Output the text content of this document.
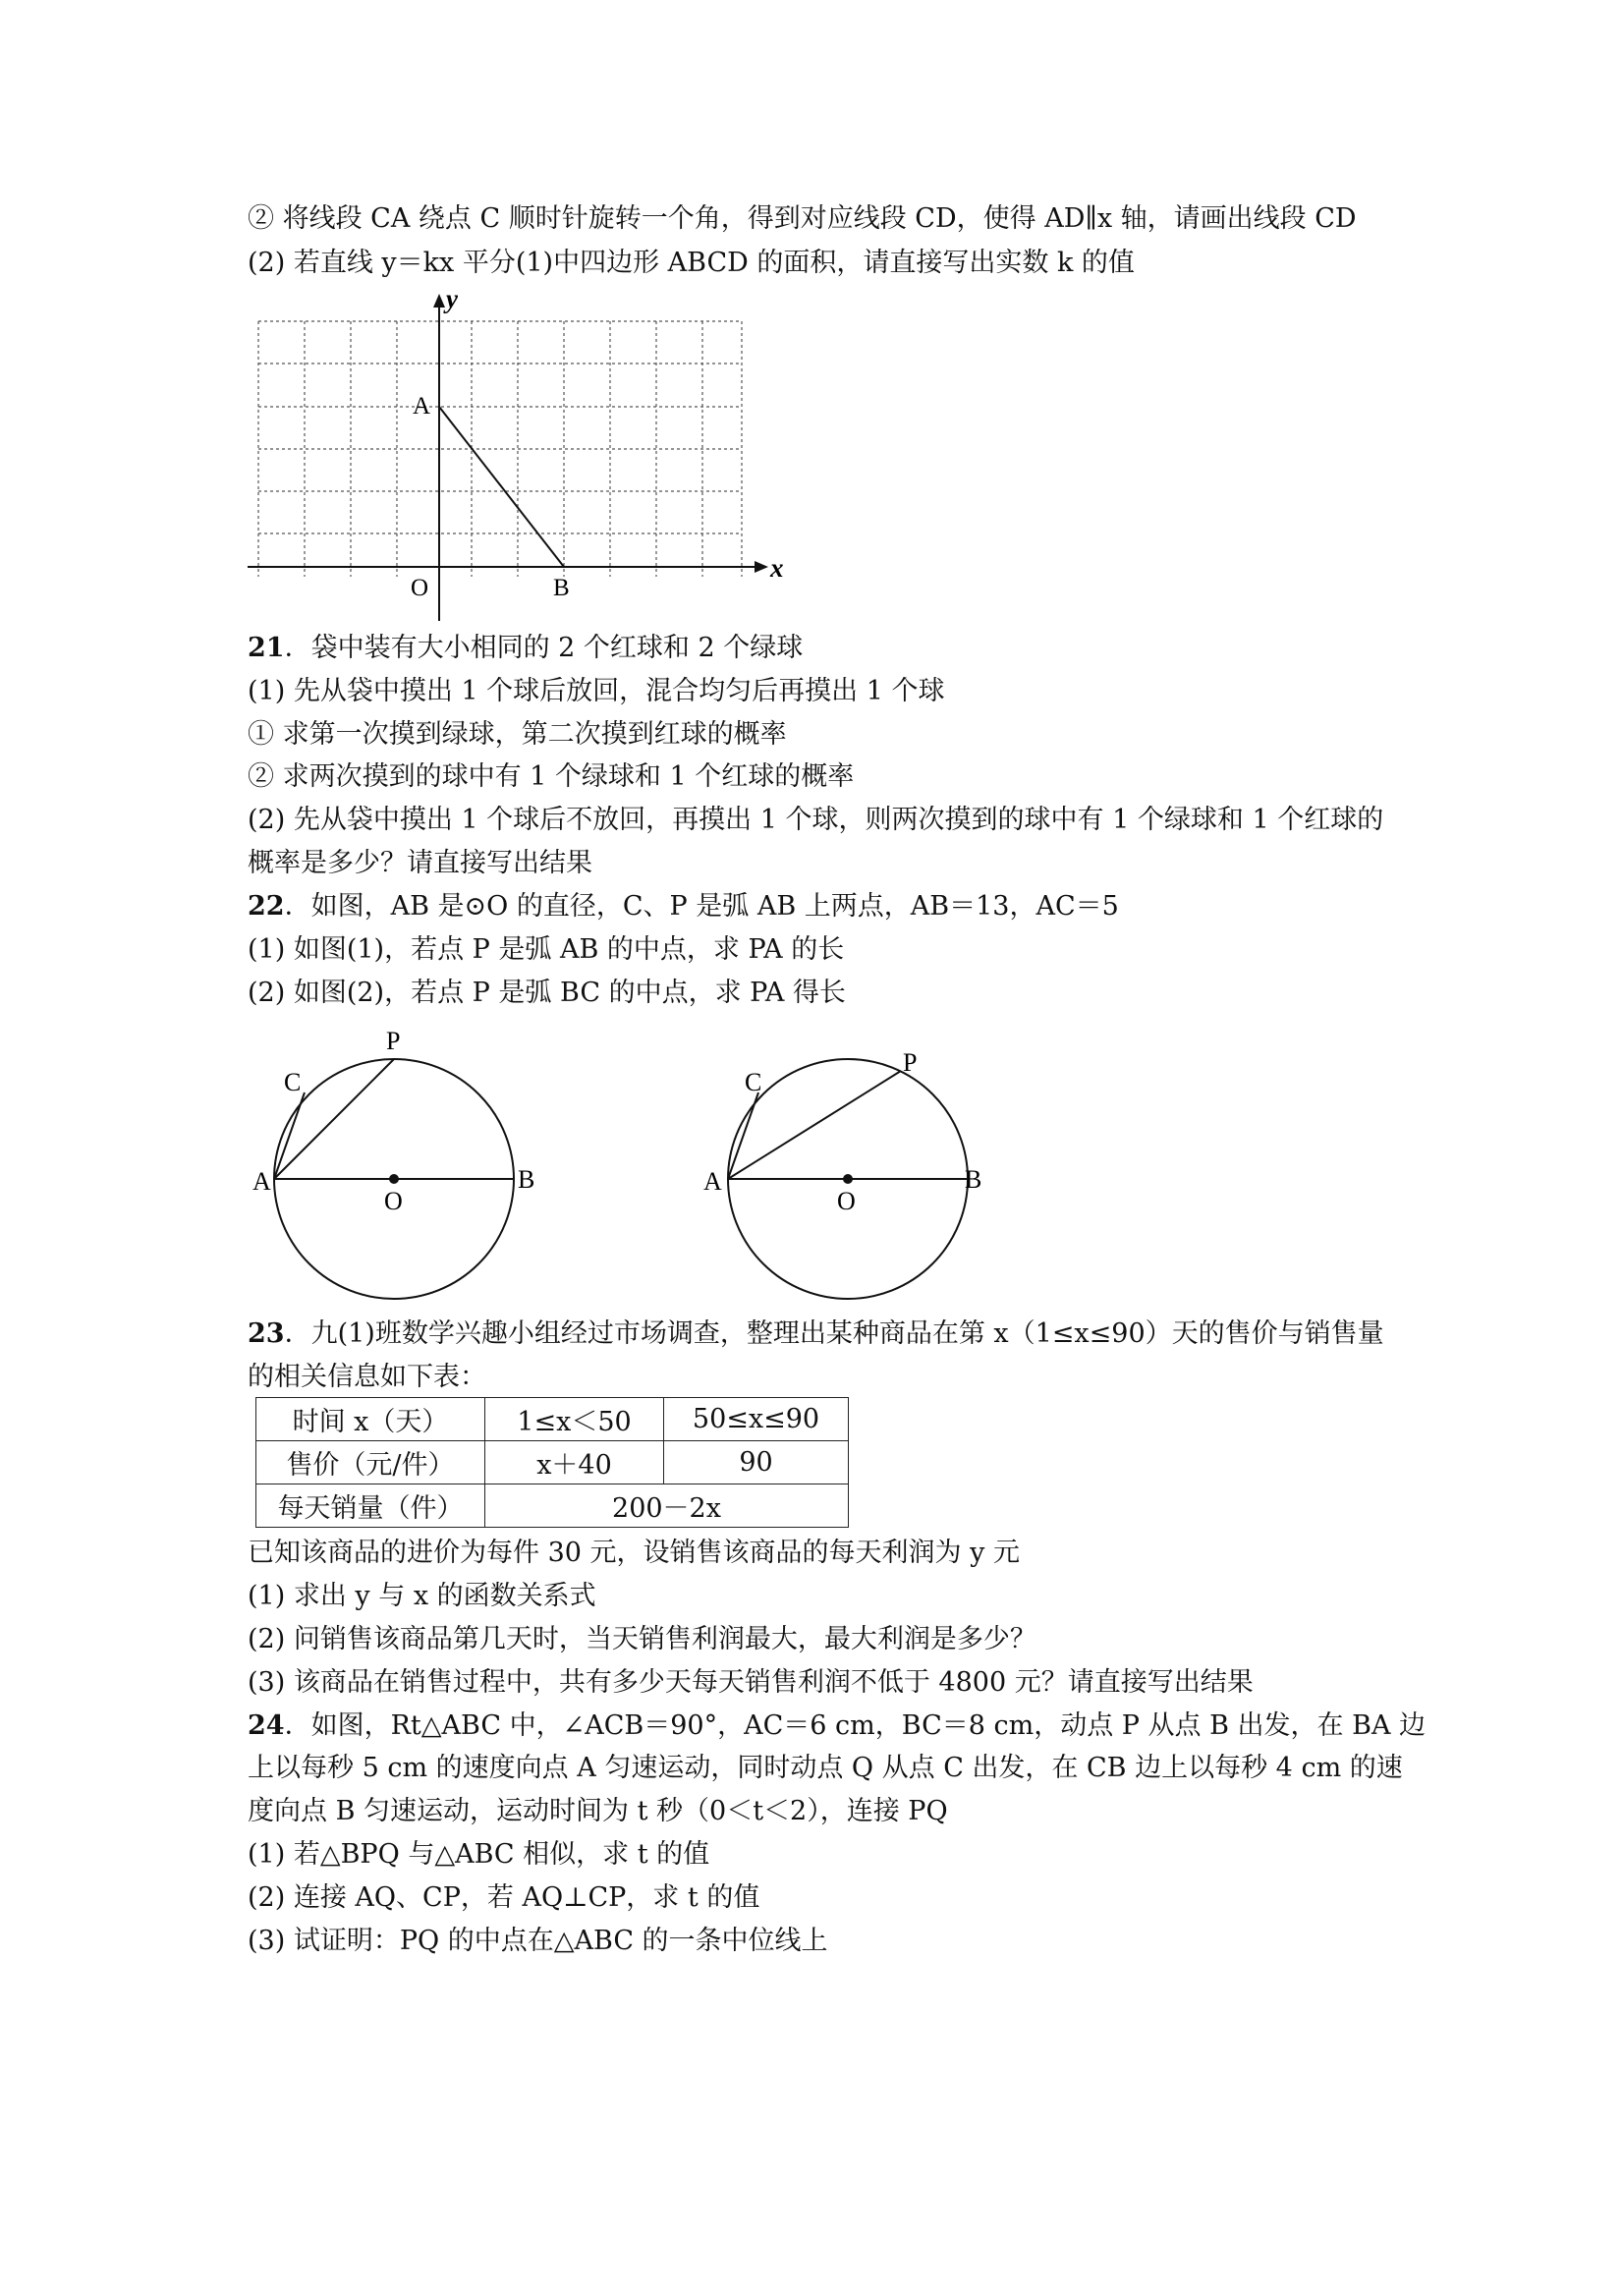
② 将线段 CA 绕点 C 顺时针旋转一个角，得到对应线段 CD，使得 AD∥x 轴，请画出线段 CD
(2) 若直线 y＝kx 平分(1)中四边形 ABCD 的面积，请直接写出实数 k 的值
y
x
A
O	B
21．袋中装有大小相同的 2 个红球和 2 个绿球
(1) 先从袋中摸出 1 个球后放回，混合均匀后再摸出 1 个球
① 求第一次摸到绿球，第二次摸到红球的概率
② 求两次摸到的球中有 1 个绿球和 1 个红球的概率
(2) 先从袋中摸出 1 个球后不放回，再摸出 1 个球，则两次摸到的球中有 1 个绿球和 1 个红球的
概率是多少？请直接写出结果
22．如图，AB 是⊙O 的直径，C、P 是弧 AB 上两点，AB＝13，AC＝5
(1) 如图(1)，若点 P 是弧 AB 的中点，求 PA 的长
(2) 如图(2)，若点 P 是弧 BC 的中点，求 PA 得长
P
C
A
O
B
P
C
A
O
B
23．九(1)班数学兴趣小组经过市场调查，整理出某种商品在第 x（1≤x≤90）天的售价与销售量
的相关信息如下表：
时间 x（天）	1≤x＜50	50≤x≤90
售价（元/件）	x＋40	90
每天销量（件）	200－2x	
已知该商品的进价为每件 30 元，设销售该商品的每天利润为 y 元
(1) 求出 y 与 x 的函数关系式
(2) 问销售该商品第几天时，当天销售利润最大，最大利润是多少？
(3) 该商品在销售过程中，共有多少天每天销售利润不低于 4800 元？请直接写出结果
24．如图，Rt△ABC 中，∠ACB＝90°，AC＝6 cm，BC＝8 cm，动点 P 从点 B 出发，在 BA 边
上以每秒 5 cm 的速度向点 A 匀速运动，同时动点 Q 从点 C 出发，在 CB 边上以每秒 4 cm 的速
度向点 B 匀速运动，运动时间为 t 秒（0＜t＜2），连接 PQ
(1) 若△BPQ 与△ABC 相似，求 t 的值
(2) 连接 AQ、CP，若 AQ⊥CP，求 t 的值
(3) 试证明：PQ 的中点在△ABC 的一条中位线上
